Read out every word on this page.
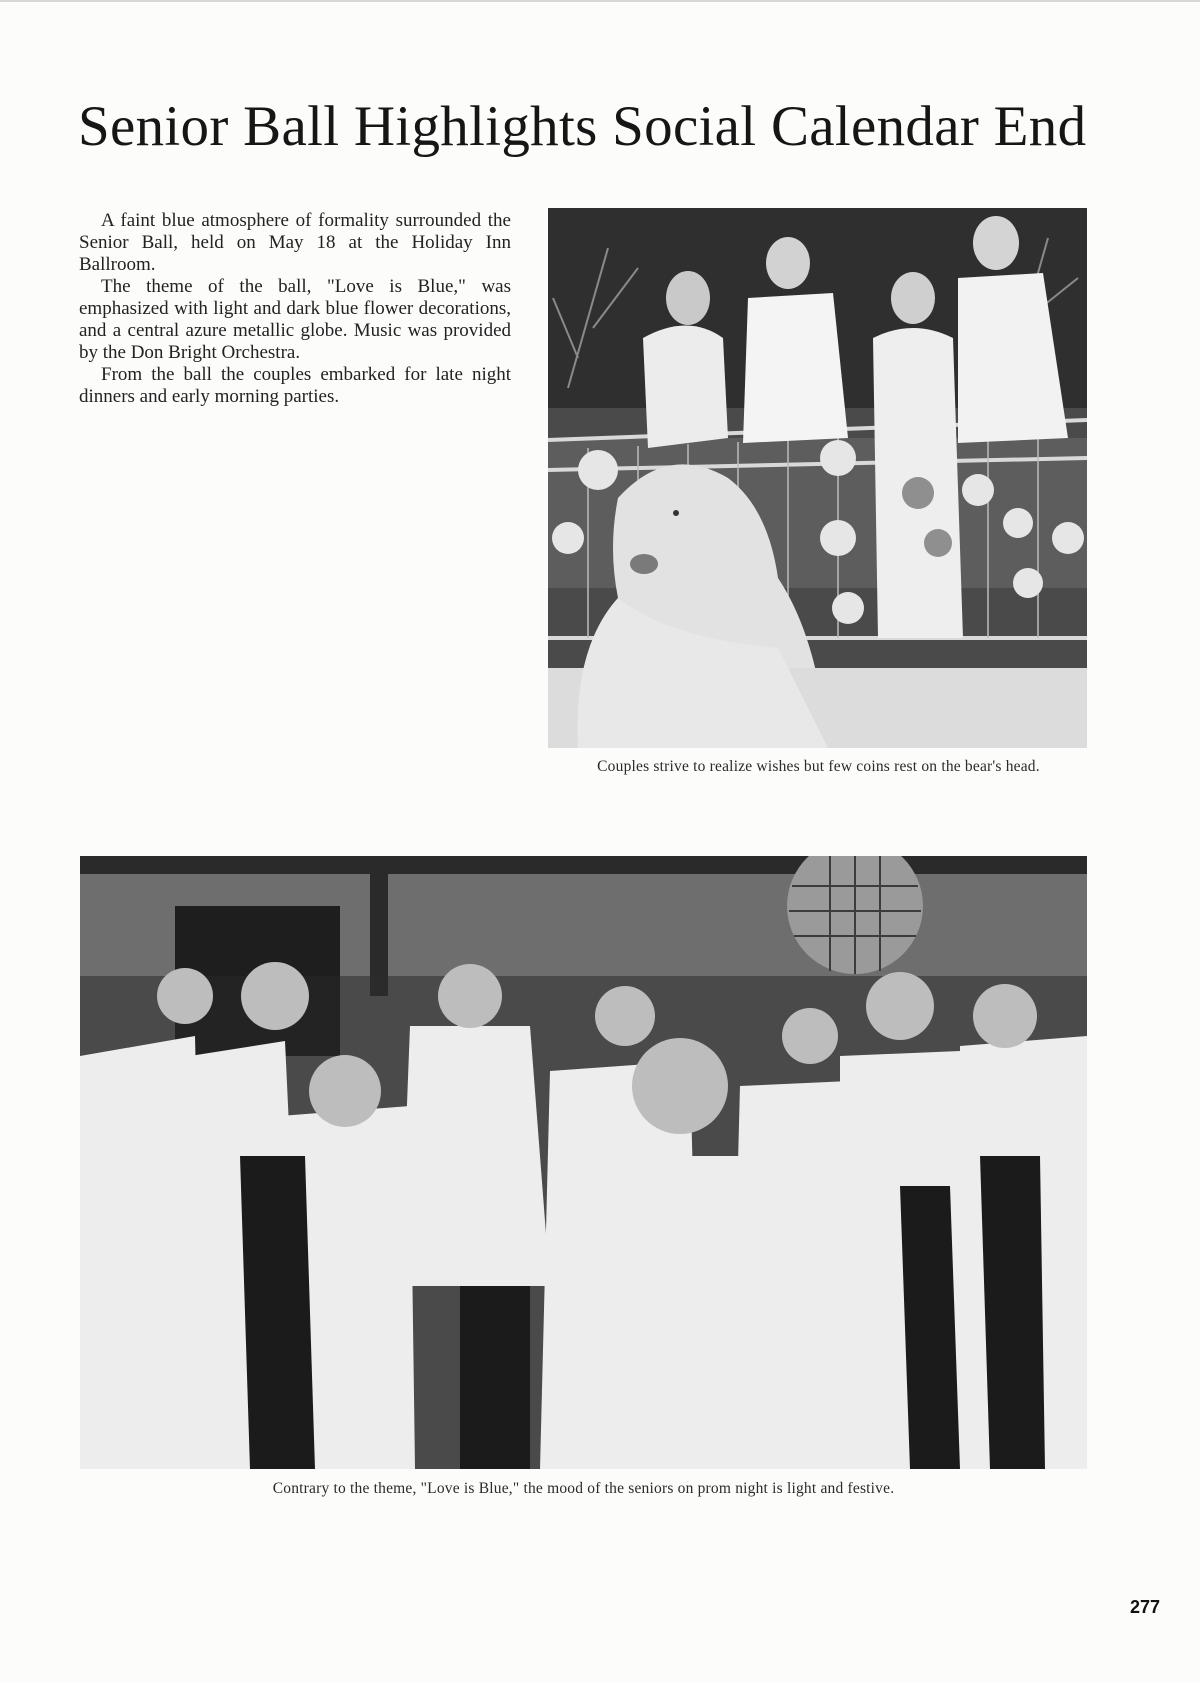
Senior Ball Highlights Social Calendar End

A faint blue atmosphere of formality surrounded the Senior Ball, held on May 18 at the Holiday Inn Ballroom.

The theme of the ball, "Love is Blue," was emphasized with light and dark blue flower decorations, and a central azure metallic globe. Music was provided by the Don Bright Orchestra.

From the ball the couples embarked for late night dinners and early morning parties.

Couples strive to realize wishes but few coins rest on the bear's head.
Contrary to the theme, "Love is Blue," the mood of the seniors on prom night is light and festive.
277
